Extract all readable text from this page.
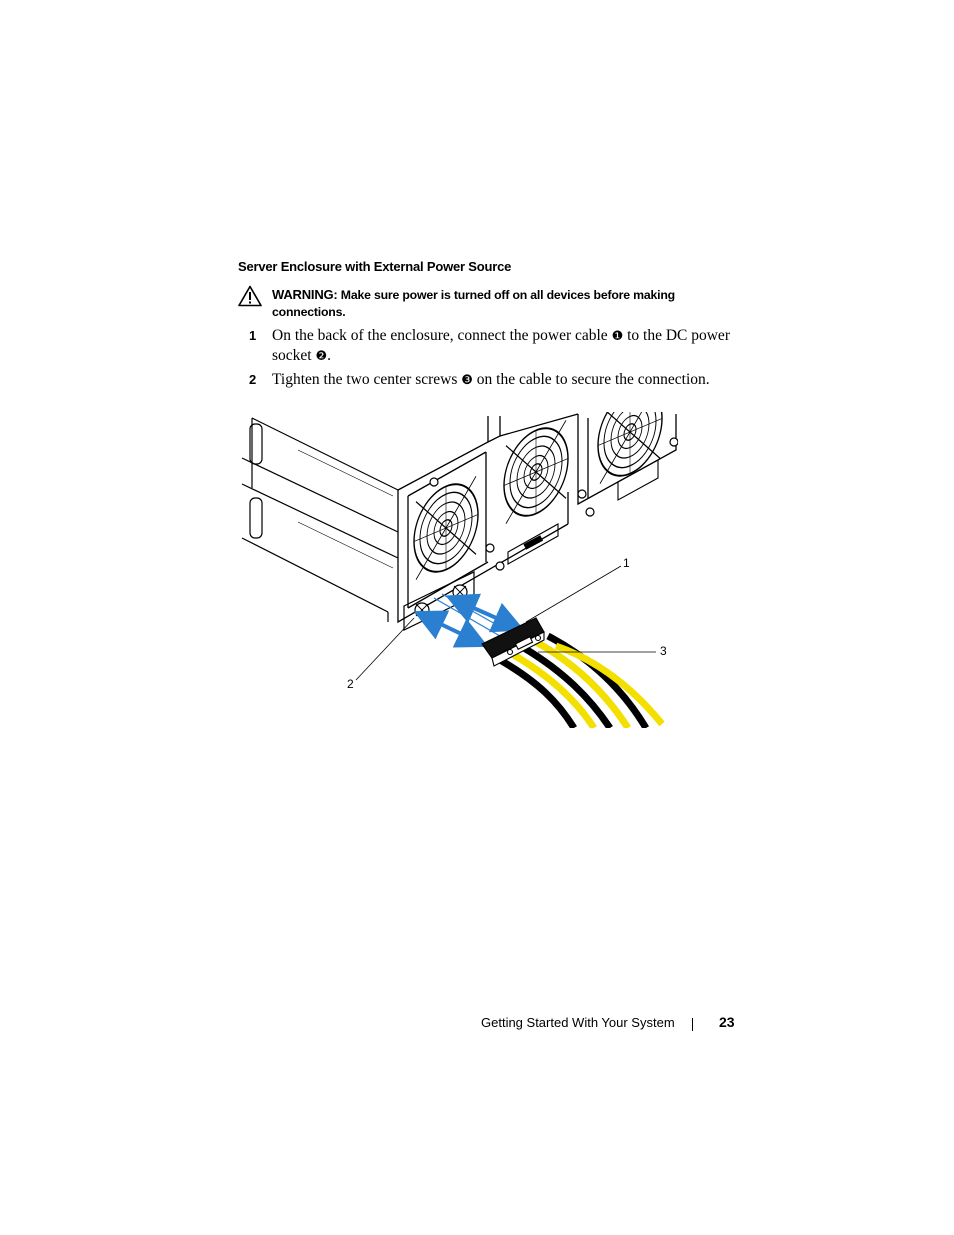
Server Enclosure with External Power Source
WARNING: Make sure power is turned off on all devices before making connections.
1 On the back of the enclosure, connect the power cable ❶ to the DC power socket ❷.
2 Tighten the two center screws ❸ on the cable to secure the connection.
1
2
3
Getting Started With Your System	23
